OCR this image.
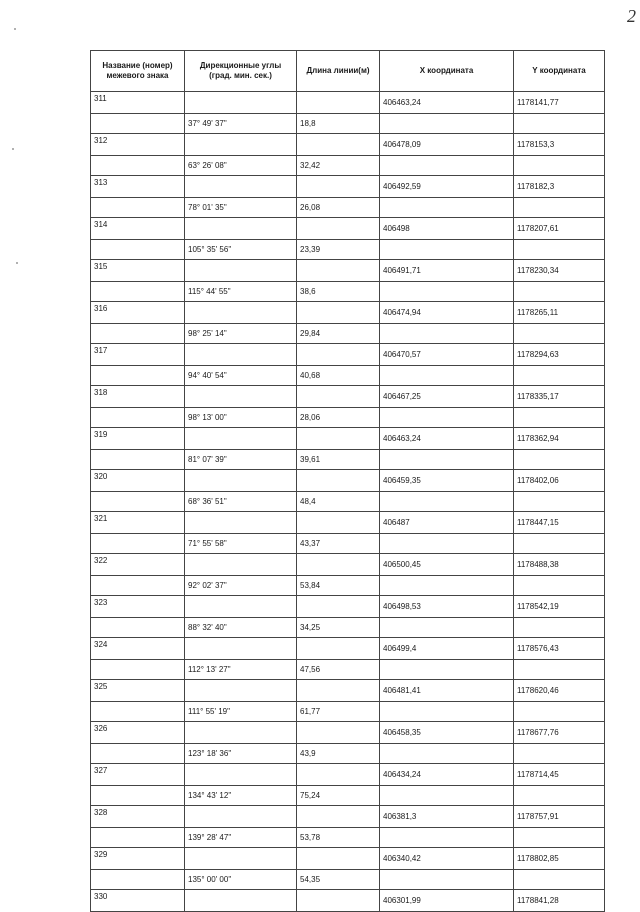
2
Название (номер) межевого знака	Дирекционные углы (град. мин. сек.)	Длина линии(м)	X координата	Y координата
311			406463,24	1178141,77
	37° 49' 37"	18,8		
312			406478,09	1178153,3
	63° 26' 08"	32,42		
313			406492,59	1178182,3
	78° 01' 35"	26,08		
314			406498	1178207,61
	105° 35' 56"	23,39		
315			406491,71	1178230,34
	115° 44' 55"	38,6		
316			406474,94	1178265,11
	98° 25' 14"	29,84		
317			406470,57	1178294,63
	94° 40' 54"	40,68		
318			406467,25	1178335,17
	98° 13' 00"	28,06		
319			406463,24	1178362,94
	81° 07' 39"	39,61		
320			406459,35	1178402,06
	68° 36' 51"	48,4		
321			406487	1178447,15
	71° 55' 58"	43,37		
322			406500,45	1178488,38
	92° 02' 37"	53,84		
323			406498,53	1178542,19
	88° 32' 40"	34,25		
324			406499,4	1178576,43
	112° 13' 27"	47,56		
325			406481,41	1178620,46
	111° 55' 19"	61,77		
326			406458,35	1178677,76
	123° 18' 36"	43,9		
327			406434,24	1178714,45
	134° 43' 12"	75,24		
328			406381,3	1178757,91
	139° 28' 47"	53,78		
329			406340,42	1178802,85
	135° 00' 00"	54,35		
330			406301,99	1178841,28
